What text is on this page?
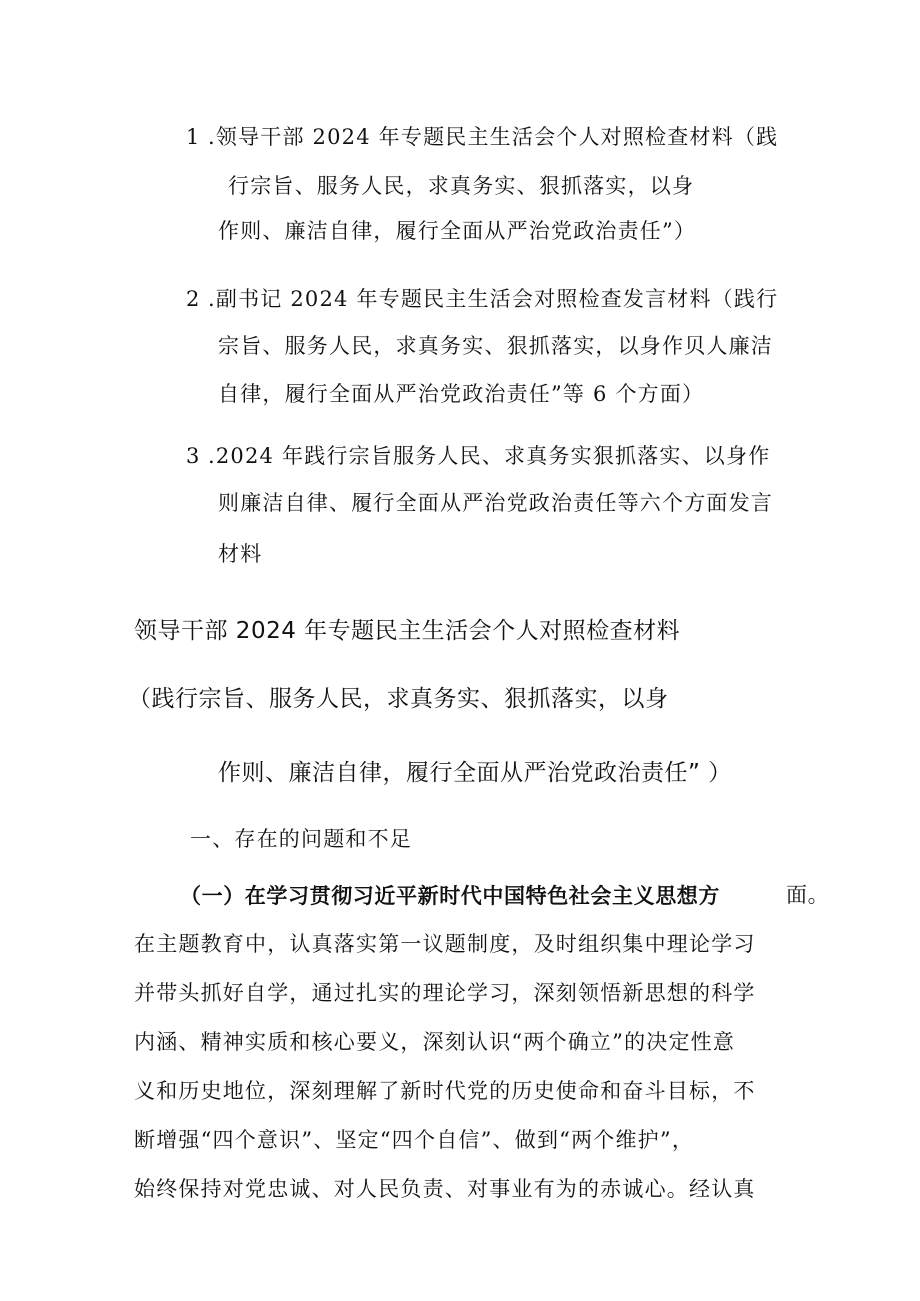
1 .领导干部 2024 年专题民主生活会个人对照检查材料（践
行宗旨、服务人民，求真务实、狠抓落实，以身
作则、廉洁自律，履行全面从严治党政治责任”）
2 .副书记 2024 年专题民主生活会对照检查发言材料（践行
宗旨、服务人民，求真务实、狠抓落实，以身作贝人廉洁
自律，履行全面从严治党政治责任”等 6 个方面）
3 .2024 年践行宗旨服务人民、求真务实狠抓落实、以身作
则廉洁自律、履行全面从严治党政治责任等六个方面发言
材料
领导干部 2024 年专题民主生活会个人对照检查材料
（践行宗旨、服务人民，求真务实、狠抓落实，以身
作则、廉洁自律，履行全面从严治党政治责任” ）
一、存在的问题和不足
（一）在学习贯彻习近平新时代中国特色社会主义思想方	面。
在主题教育中，认真落实第一议题制度，及时组织集中理论学习
并带头抓好自学，通过扎实的理论学习，深刻领悟新思想的科学
内涵、精神实质和核心要义，深刻认识“两个确立”的决定性意
义和历史地位，深刻理解了新时代党的历史使命和奋斗目标，不
断增强“四个意识”、坚定“四个自信”、做到“两个维护”，
始终保持对党忠诚、对人民负责、对事业有为的赤诚心。经认真
